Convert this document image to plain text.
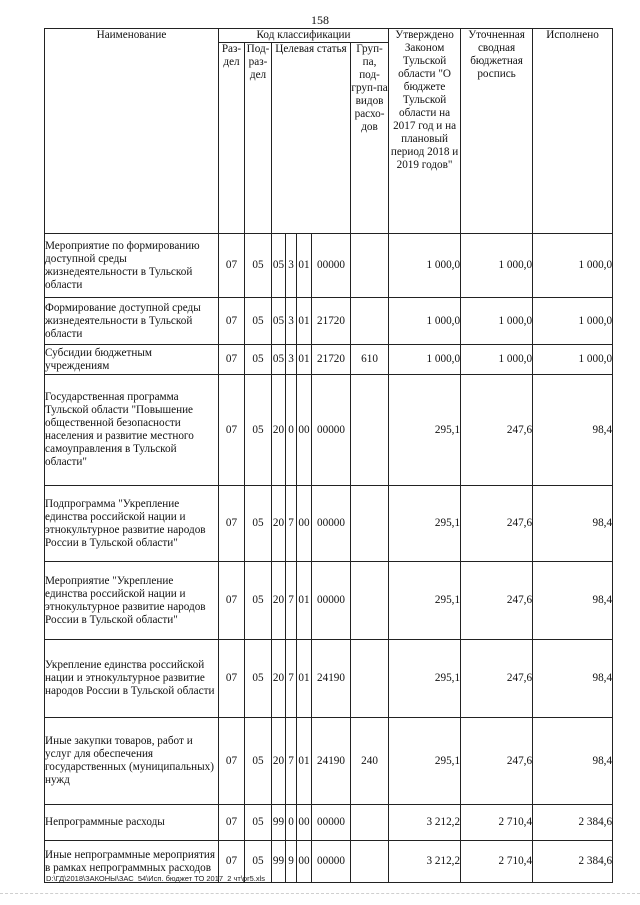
158
Наименование	Код классификации							Утверждено Законом Тульской области "О бюджете Тульской области на 2017 год и на плановый период 2018 и 2019 годов"	Уточненная сводная бюджетная роспись	Исполнено
	Раз-дел	Под-раз-дел	Целевая статья				Груп-па, под-груп-па видов расхо-дов			
Мероприятие по формированию доступной среды жизнедеятельности в Тульской области	07	05	05	3	01	00000		1 000,0	1 000,0	1 000,0
Формирование доступной среды жизнедеятельности в Тульской области	07	05	05	3	01	21720		1 000,0	1 000,0	1 000,0
Субсидии бюджетным учреждениям	07	05	05	3	01	21720	610	1 000,0	1 000,0	1 000,0
Государственная программа Тульской области "Повышение общественной безопасности населения и развитие местного самоуправления в Тульской области"	07	05	20	0	00	00000		295,1	247,6	98,4
Подпрограмма "Укрепление единства российской нации и этнокультурное развитие народов России в Тульской области"	07	05	20	7	00	00000		295,1	247,6	98,4
Мероприятие "Укрепление единства российской нации и этнокультурное развитие народов России в Тульской области"	07	05	20	7	01	00000		295,1	247,6	98,4
Укрепление единства российской нации и этнокультурное развитие народов России в Тульской области	07	05	20	7	01	24190		295,1	247,6	98,4
Иные закупки товаров, работ и услуг для обеспечения государственных (муниципальных) нужд	07	05	20	7	01	24190	240	295,1	247,6	98,4
Непрограммные расходы	07	05	99	0	00	00000		3 212,2	2 710,4	2 384,6
Иные непрограммные мероприятия в рамках непрограммных расходов	07	05	99	9	00	00000		3 212,2	2 710,4	2 384,6
D:\ГД\2018\ЗАКОНЫ\ЗАС_54\Исп. бюджет ТО 2017_2 чт\рr5.xls
